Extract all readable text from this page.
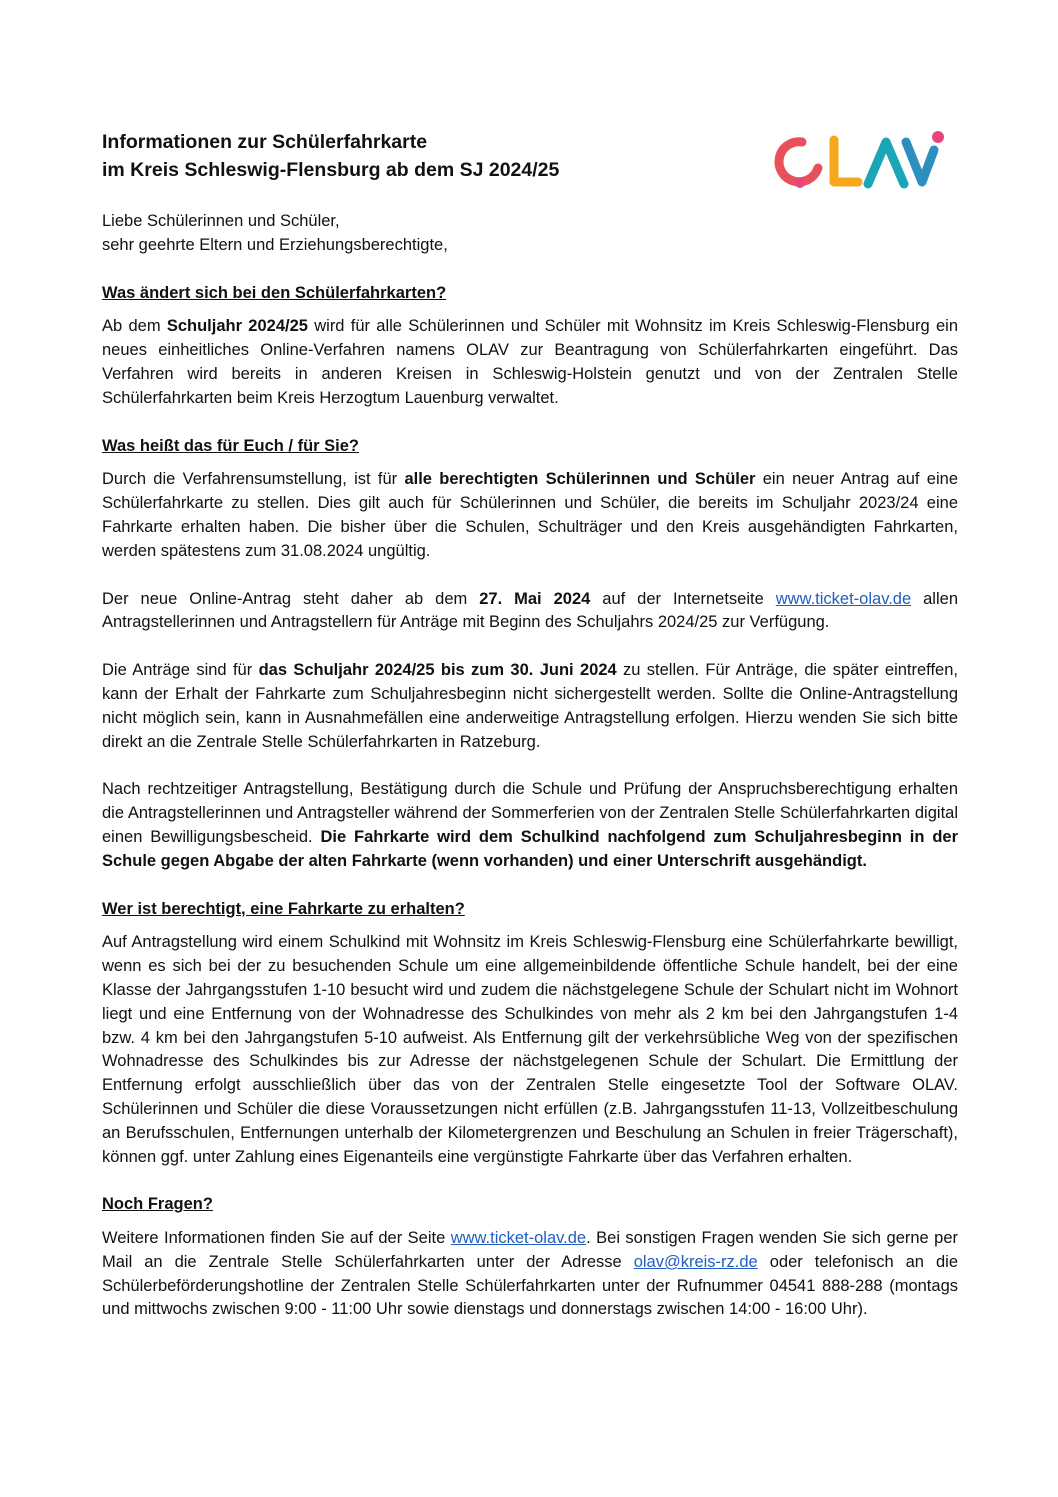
Informationen zur Schülerfahrkarte
im Kreis Schleswig-Flensburg ab dem SJ 2024/25

Liebe Schülerinnen und Schüler,
sehr geehrte Eltern und Erziehungsberechtigte,

Was ändert sich bei den Schülerfahrkarten?

Ab dem Schuljahr 2024/25 wird für alle Schülerinnen und Schüler mit Wohnsitz im Kreis Schleswig-Flensburg ein neues einheitliches Online-Verfahren namens OLAV zur Beantragung von Schülerfahrkarten eingeführt. Das Verfahren wird bereits in anderen Kreisen in Schleswig-Holstein genutzt und von der Zentralen Stelle Schülerfahrkarten beim Kreis Herzogtum Lauenburg verwaltet.

Was heißt das für Euch / für Sie?

Durch die Verfahrensumstellung, ist für alle berechtigten Schülerinnen und Schüler ein neuer Antrag auf eine Schülerfahrkarte zu stellen. Dies gilt auch für Schülerinnen und Schüler, die bereits im Schuljahr 2023/24 eine Fahrkarte erhalten haben. Die bisher über die Schulen, Schulträger und den Kreis ausgehändigten Fahrkarten, werden spätestens zum 31.08.2024 ungültig.

Der neue Online-Antrag steht daher ab dem 27. Mai 2024 auf der Internetseite www.ticket-olav.de allen Antragstellerinnen und Antragstellern für Anträge mit Beginn des Schuljahrs 2024/25 zur Verfügung.

Die Anträge sind für das Schuljahr 2024/25 bis zum 30. Juni 2024 zu stellen. Für Anträge, die später eintreffen, kann der Erhalt der Fahrkarte zum Schuljahresbeginn nicht sichergestellt werden. Sollte die Online-Antragstellung nicht möglich sein, kann in Ausnahmefällen eine anderweitige Antragstellung erfolgen. Hierzu wenden Sie sich bitte direkt an die Zentrale Stelle Schülerfahrkarten in Ratzeburg.

Nach rechtzeitiger Antragstellung, Bestätigung durch die Schule und Prüfung der Anspruchsberechtigung erhalten die Antragstellerinnen und Antragsteller während der Sommerferien von der Zentralen Stelle Schülerfahrkarten digital einen Bewilligungsbescheid. Die Fahrkarte wird dem Schulkind nachfolgend zum Schuljahresbeginn in der Schule gegen Abgabe der alten Fahrkarte (wenn vorhanden) und einer Unterschrift ausgehändigt.

Wer ist berechtigt, eine Fahrkarte zu erhalten?

Auf Antragstellung wird einem Schulkind mit Wohnsitz im Kreis Schleswig-Flensburg eine Schülerfahrkarte bewilligt, wenn es sich bei der zu besuchenden Schule um eine allgemeinbildende öffentliche Schule handelt, bei der eine Klasse der Jahrgangsstufen 1-10 besucht wird und zudem die nächstgelegene Schule der Schulart nicht im Wohnort liegt und eine Entfernung von der Wohnadresse des Schulkindes von mehr als 2 km bei den Jahrgangstufen 1-4 bzw. 4 km bei den Jahrgangstufen 5-10 aufweist. Als Entfernung gilt der verkehrsübliche Weg von der spezifischen Wohnadresse des Schulkindes bis zur Adresse der nächstgelegenen Schule der Schulart. Die Ermittlung der Entfernung erfolgt ausschließlich über das von der Zentralen Stelle eingesetzte Tool der Software OLAV. Schülerinnen und Schüler die diese Voraussetzungen nicht erfüllen (z.B. Jahrgangsstufen 11-13, Vollzeitbeschulung an Berufsschulen, Entfernungen unterhalb der Kilometergrenzen und Beschulung an Schulen in freier Trägerschaft), können ggf. unter Zahlung eines Eigenanteils eine vergünstigte Fahrkarte über das Verfahren erhalten.

Noch Fragen?

Weitere Informationen finden Sie auf der Seite www.ticket-olav.de. Bei sonstigen Fragen wenden Sie sich gerne per Mail an die Zentrale Stelle Schülerfahrkarten unter der Adresse olav@kreis-rz.de oder telefonisch an die Schülerbeförderungshotline der Zentralen Stelle Schülerfahrkarten unter der Rufnummer 04541 888-288 (montags und mittwochs zwischen 9:00 - 11:00 Uhr sowie dienstags und donnerstags zwischen 14:00 - 16:00 Uhr).
